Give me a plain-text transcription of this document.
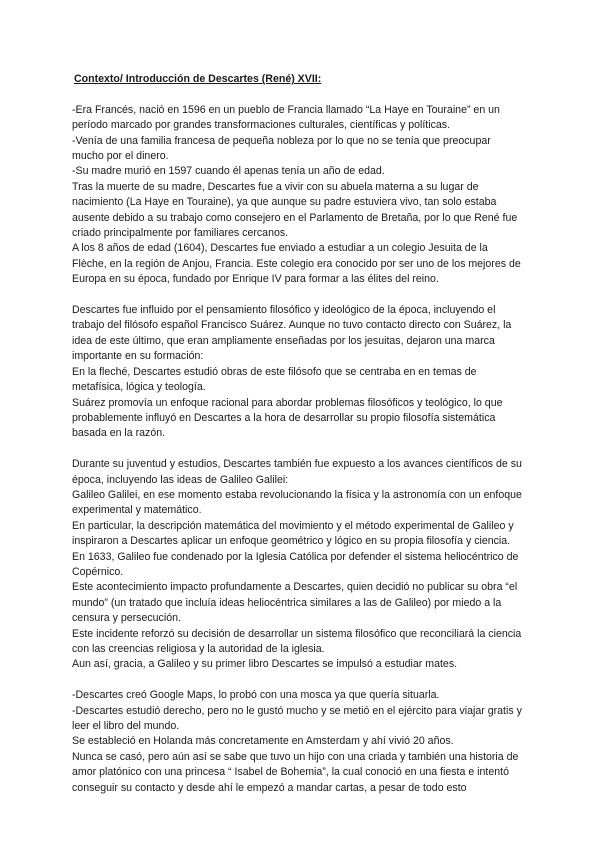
Contexto/ Introducción de Descartes (René) XVII:

-Era Francés, nació en 1596 en un pueblo de Francia llamado “La Haye en Touraine” en un período marcado por grandes transformaciones culturales, científicas y políticas.

-Venía de una familia francesa de pequeña nobleza por lo que no se tenía que preocupar mucho por el dinero.

-Su madre murió en 1597 cuando él apenas tenía un año de edad.

Tras la muerte de su madre, Descartes fue a vivir con su abuela materna a su lugar de nacimiento (La Haye en Touraine), ya que aunque su padre estuviera vivo, tan solo estaba ausente debido a su trabajo como consejero en el Parlamento de Bretaña, por lo que René fue criado principalmente por familiares cercanos.

A los 8 años de edad (1604), Descartes fue enviado a estudiar a un colegio Jesuita de la Flèche, en la región de Anjou, Francia. Este colegio era conocido por ser uno de los mejores de Europa en su época, fundado por Enrique IV para formar a las élites del reino.

Descartes fue influido por el pensamiento filosófico y ideológico de la época, incluyendo el trabajo del filósofo español Francisco Suárez. Aunque no tuvo contacto directo con Suárez, la idea de este último, que eran ampliamente enseñadas por los jesuitas, dejaron una marca importante en su formación:

En la fleché, Descartes estudió obras de este filósofo que se centraba en en temas de metafísica, lógica y teología.

Suárez promovía un enfoque racional para abordar problemas filosóficos y teológico, lo que probablemente influyó en Descartes a la hora de desarrollar su propio filosofía sistemática basada en la razón.

Durante su juventud y estudios, Descartes también fue expuesto a los avances científicos de su época, incluyendo las ideas de Galileo Galilei:

Galileo Galilei, en ese momento estaba revolucionando la física y la astronomía con un enfoque experimental y matemático.

En particular, la descripción matemática del movimiento y el método experimental de Galileo y inspiraron a Descartes aplicar un enfoque geométrico y lógico en su propia filosofía y ciencia.

En 1633, Galileo fue condenado por la Iglesia Católica por defender el sistema heliocéntrico de Copérnico.

Este acontecimiento impacto profundamente a Descartes, quien decidió no publicar su obra “el mundo” (un tratado que incluía ideas heliocéntrica similares a las de Galileo) por miedo a la censura y persecución.

Este incidente reforzó su decisión de desarrollar un sistema filosófico que reconciliará la ciencia con las creencias religiosa y la autoridad de la iglesia.

Aun así, gracia, a Galileo y su primer libro Descartes se impulsó a estudiar mates.

-Descartes creó Google Maps, lo probó con una mosca ya que quería situarla.

-Descartes estudió derecho, pero no le gustó mucho y se metió en el ejército para viajar gratis y leer el libro del mundo.

Se estableció en Holanda más concretamente en Amsterdam y ahí vivió 20 años.

Nunca se casó, pero aún así se sabe que tuvo un hijo con una criada y también una historia de amor platónico con una princesa “ Isabel de Bohemia”, la cual conoció en una fiesta e intentó conseguir su contacto y desde ahí le empezó a mandar cartas, a pesar de todo esto
